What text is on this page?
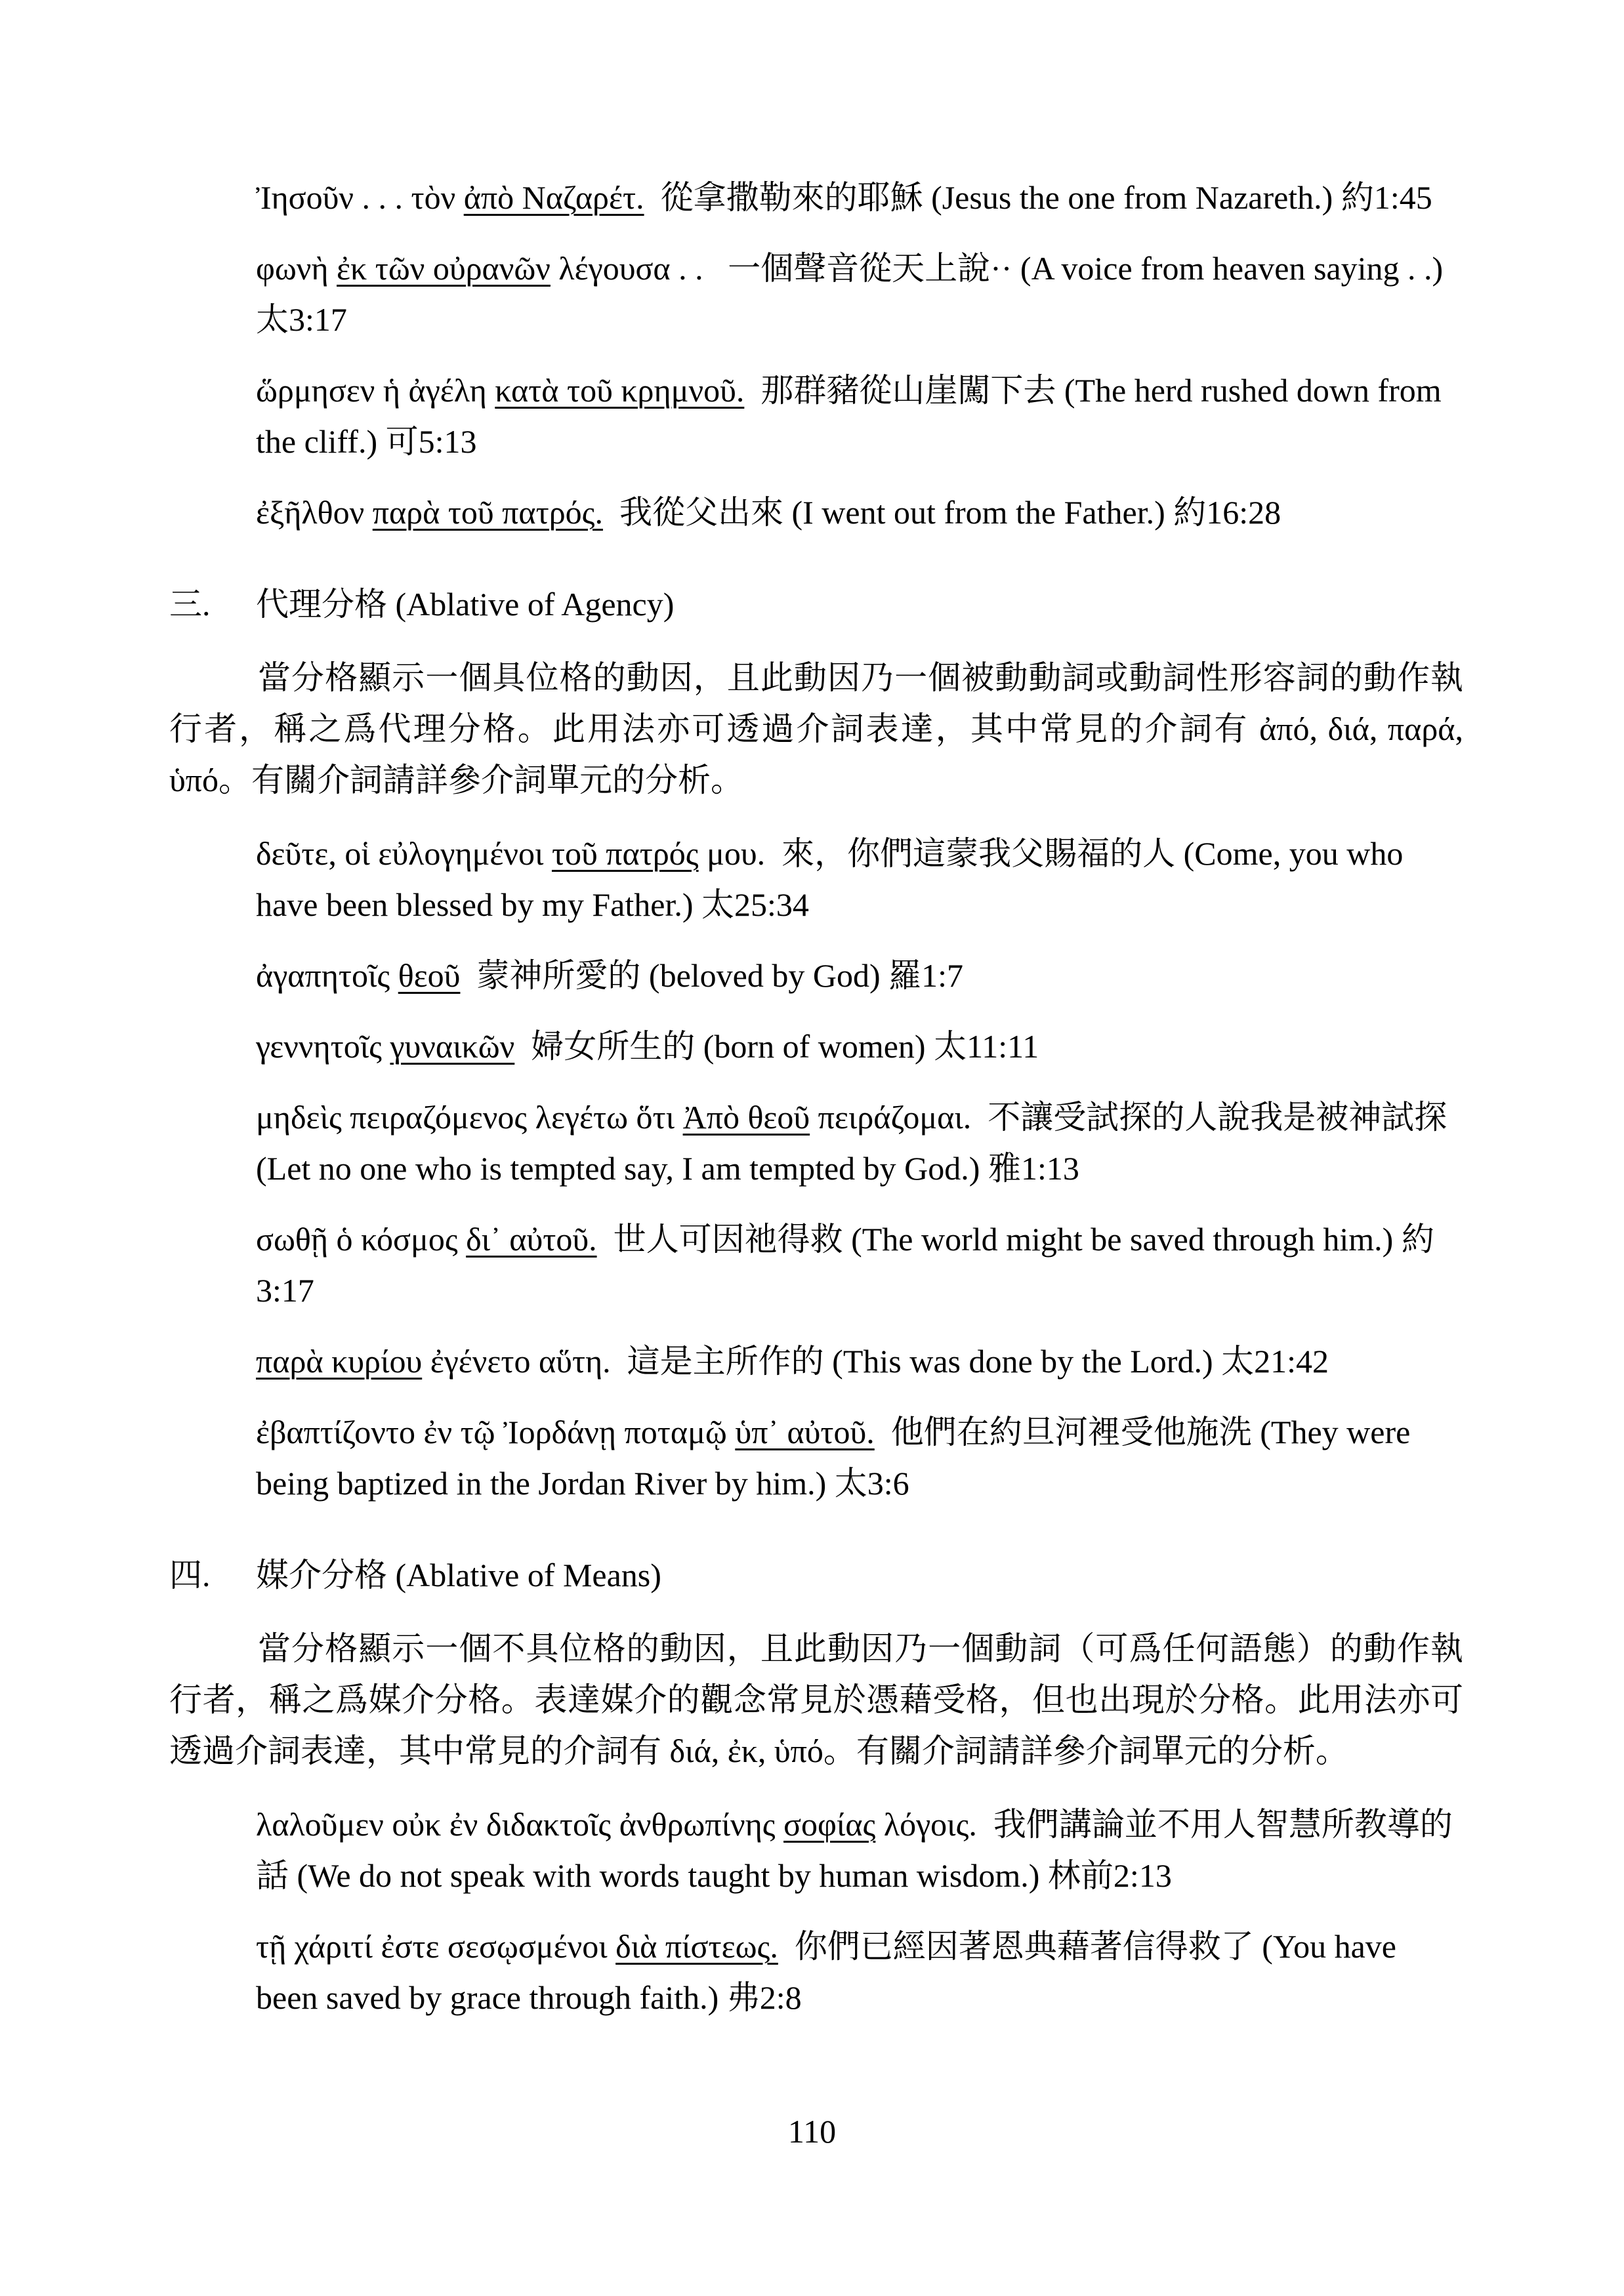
Ἰησοῦν . . . τὸν ἀπὸ Ναζαρέτ.  從拿撒勒來的耶穌 (Jesus the one from Nazareth.) 約1:45
φωνὴ ἐκ τῶν οὐρανῶν λέγουσα . .   一個聲音從天上說·· (A voice from heaven saying . .) 太3:17
ὥρμησεν ἡ ἀγέλη κατὰ τοῦ κρημνοῦ.  那群豬從山崖闖下去 (The herd rushed down from the cliff.) 可5:13
ἐξῆλθον παρὰ τοῦ πατρός.  我從父出來 (I went out from the Father.) 約16:28
三. 代理分格 (Ablative of Agency)
當分格顯示一個具位格的動因，且此動因乃一個被動動詞或動詞性形容詞的動作執行者，稱之爲代理分格。此用法亦可透過介詞表達，其中常見的介詞有 ἀπό, διά, παρά, ὑπό。有關介詞請詳參介詞單元的分析。
δεῦτε, οἱ εὐλογημένοι τοῦ πατρός μου.  來，你們這蒙我父賜福的人 (Come, you who have been blessed by my Father.) 太25:34
ἀγαπητοῖς θεοῦ  蒙神所愛的 (beloved by God) 羅1:7
γεννητοῖς γυναικῶν  婦女所生的 (born of women) 太11:11
μηδεὶς πειραζόμενος λεγέτω ὅτι Ἀπὸ θεοῦ πειράζομαι.  不讓受試探的人說我是被神試探 (Let no one who is tempted say, I am tempted by God.) 雅1:13
σωθῇ ὁ κόσμος δι᾽ αὐτοῦ.  世人可因祂得救 (The world might be saved through him.) 約3:17
παρὰ κυρίου ἐγένετο αὕτη.  這是主所作的 (This was done by the Lord.) 太21:42
ἐβαπτίζοντο ἐν τῷ Ἰορδάνῃ ποταμῷ ὑπ᾽ αὐτοῦ.  他們在約旦河裡受他施洗 (They were being baptized in the Jordan River by him.) 太3:6
四. 媒介分格 (Ablative of Means)
當分格顯示一個不具位格的動因，且此動因乃一個動詞（可爲任何語態）的動作執行者，稱之爲媒介分格。表達媒介的觀念常見於憑藉受格，但也出現於分格。此用法亦可透過介詞表達，其中常見的介詞有 διά, ἐκ, ὑπό。有關介詞請詳參介詞單元的分析。
λαλοῦμεν οὐκ ἐν διδακτοῖς ἀνθρωπίνης σοφίας λόγοις.  我們講論並不用人智慧所教導的話 (We do not speak with words taught by human wisdom.) 林前2:13
τῇ χάριτί ἐστε σεσῳσμένοι διὰ πίστεως.  你們已經因著恩典藉著信得救了 (You have been saved by grace through faith.) 弗2:8
110
